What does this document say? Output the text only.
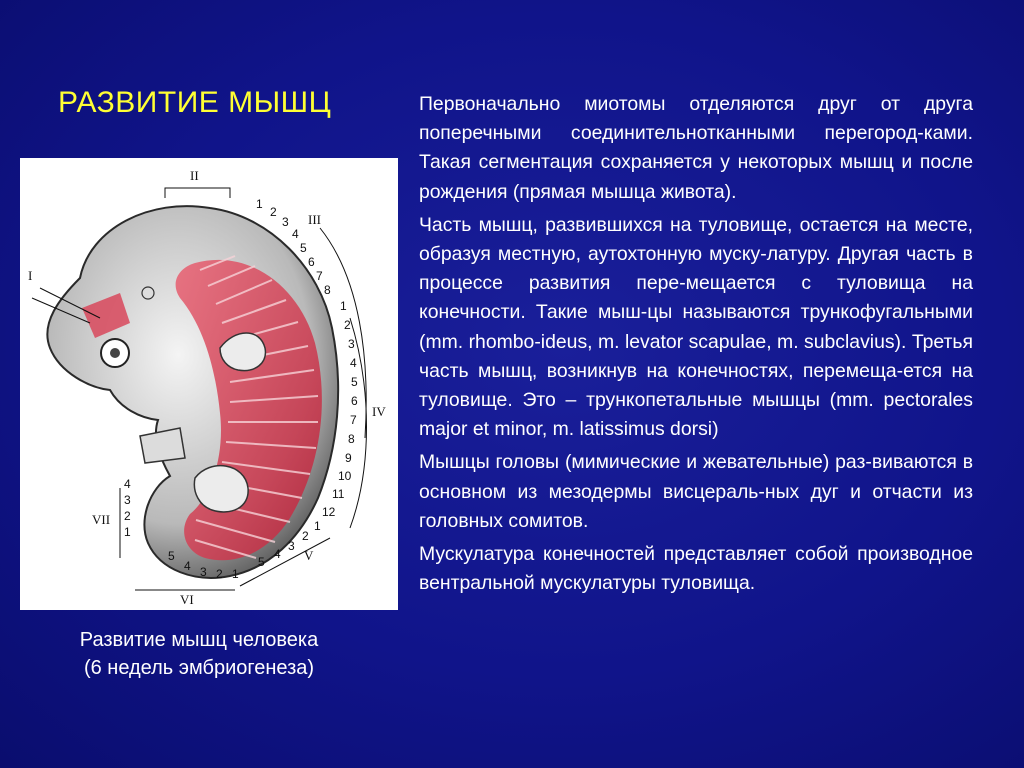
РАЗВИТИЕ МЫШЦ
I
II
III
IV
V
VI
VII
1
2
3
4
5
6
7
8
1
2
3
4
5
6
7
8
9
10
11
12
1
2
3
4
5
5
4 3 2 1
4
3
2
1
Развитие мышц человека
(6 недель эмбриогенеза)

Первоначально миотомы отделяются друг от друга поперечными соединительнотканными перегород-ками. Такая сегментация сохраняется у некоторых мышц и после рождения (прямая мышца живота).

Часть мышц, развившихся на туловище, остается на месте, образуя местную, аутохтонную муску-латуру. Другая часть в процессе развития пере-мещается с туловища на конечности. Такие мыш-цы называются трункофугальными (mm. rhombo-ideus, m. levator scapulae, m. subclavius). Третья часть мышц, возникнув на конечностях, перемеща-ется на туловище. Это – трункопетальные мышцы (mm. pectorales major et minor, m. latissimus dorsi)

Мышцы головы (мимические и жевательные) раз-виваются в основном из мезодермы висцераль-ных дуг и отчасти из головных сомитов.

Мускулатура конечностей представляет собой производное вентральной мускулатуры туловища.
